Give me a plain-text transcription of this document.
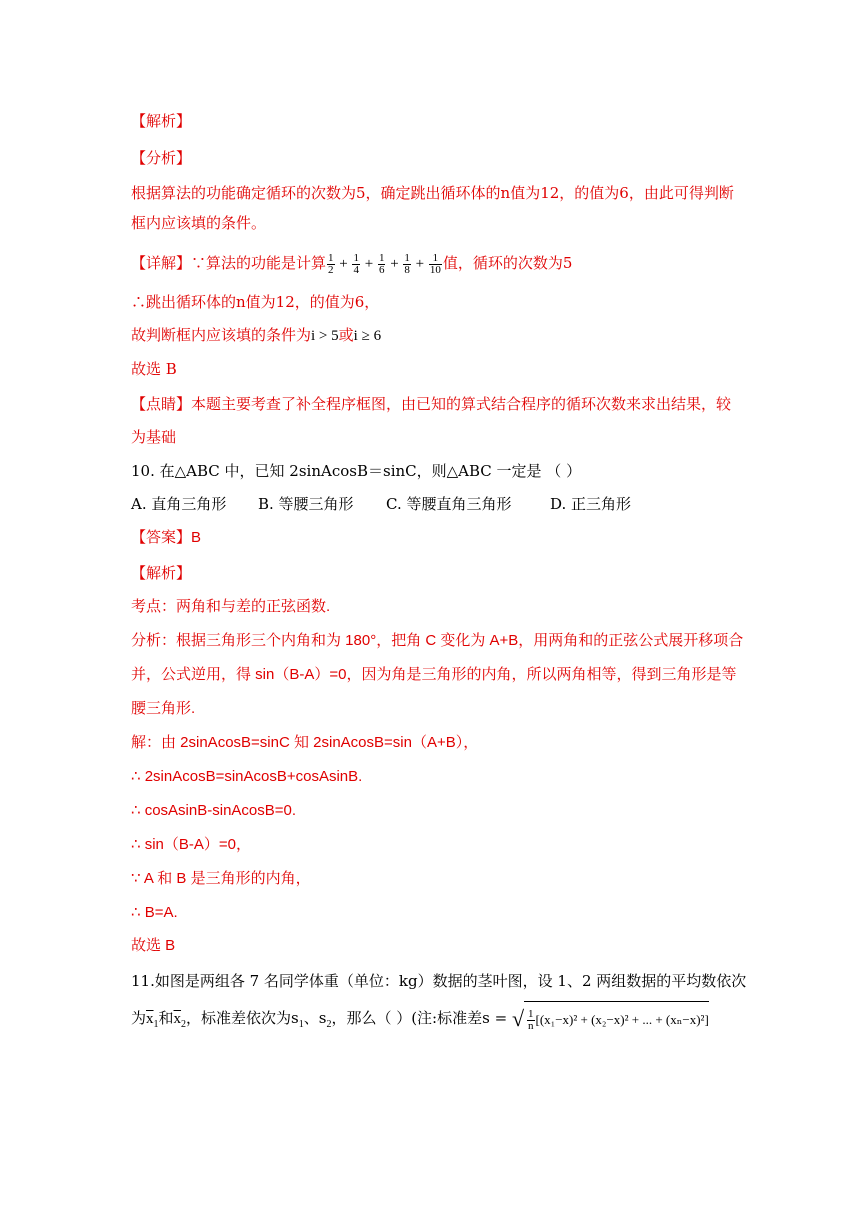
【解析】
【分析】
根据算法的功能确定循环的次数为5，确定跳出循环体的n值为12，的值为6，由此可得判断
框内应该填的条件。
【详解】∵算法的功能是计算 $\frac{1}{2} + \frac{1}{4} + \frac{1}{6} + \frac{1}{8} + \frac{1}{10}$ 值，循环的次数为5
∴跳出循环体的n值为12，的值为6，
故判断框内应该填的条件为i > 5或i ≥ 6
故选 B
【点睛】本题主要考查了补全程序框图，由已知的算式结合程序的循环次数来求出结果，较
为基础
10. 在△ABC 中，已知 2sinAcosB＝sinC，则△ABC 一定是 （ ）
A. 直角三角形 B. 等腰三角形 C. 等腰直角三角形	D. 正三角形
【答案】B
【解析】
考点：两角和与差的正弦函数.
分析：根据三角形三个内角和为 180°，把角 C 变化为 A+B，用两角和的正弦公式展开移项合
并，公式逆用，得 sin（B-A）=0，因为角是三角形的内角，所以两角相等，得到三角形是等
腰三角形.
解：由 2sinAcosB=sinC 知 2sinAcosB=sin（A+B），
∴ 2sinAcosB=sinAcosB+cosAsinB.
∴ cosAsinB-sinAcosB=0.
∴ sin（B-A）=0，
∵ A 和 B 是三角形的内角，
∴ B=A.
故选 B
11.如图是两组各 7 名同学体重（单位：kg）数据的茎叶图，设 1、2 两组数据的平均数依次
为$\overline{x}_1$和$\overline{x}_2$，标准差依次为$s_1$、$s_2$，那么（ ）(注:标准差s = √ $\frac{1}{n} [(x_1-x)^2 + (x_2-x)^2$ + ... + (xₙ−x)²]
